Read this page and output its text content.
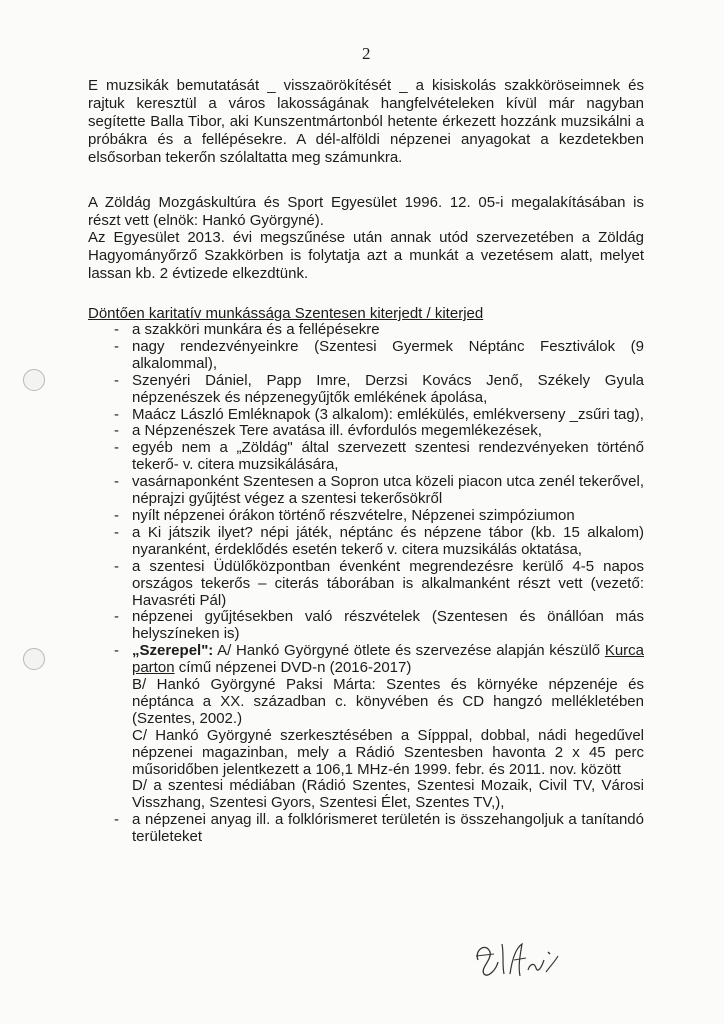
2
E muzsikák bemutatását _ visszaörökítését _ a kisiskolás szakköröseimnek és rajtuk keresztül a város lakosságának hangfelvételeken kívül már nagyban segítette Balla Tibor, aki Kunszentmártonból hetente érkezett hozzánk muzsikálni a próbákra és a fellépésekre. A dél-alföldi népzenei anyagokat a kezdetekben elsősorban tekerőn szólaltatta meg számunkra.
A Zöldág Mozgáskultúra és Sport Egyesület 1996. 12. 05-i megalakításában is részt vett (elnök: Hankó Györgyné).
Az Egyesület 2013. évi megszűnése után annak utód szervezetében a Zöldág Hagyományőrző Szakkörben is folytatja azt a munkát a vezetésem alatt, melyet lassan kb. 2 évtizede elkezdtünk.
Döntően karitatív munkássága Szentesen kiterjedt / kiterjed
- a szakköri munkára és a fellépésekre
- nagy rendezvényeinkre (Szentesi Gyermek Néptánc Fesztiválok (9 alkalommal),
- Szenyéri Dániel, Papp Imre, Derzsi Kovács Jenő, Székely Gyula népzenészek és népzenegyűjtők emlékének ápolása,
- Maácz László Emléknapok (3 alkalom): emlékülés, emlékverseny _zsűri tag),
- a Népzenészek Tere avatása ill. évfordulós megemlékezések,
- egyéb nem a „Zöldág" által szervezett szentesi rendezvényeken történő tekerő- v. citera muzsikálására,
- vasárnaponként Szentesen a Sopron utca közeli piacon utca zenél tekerővel, néprajzi gyűjtést végez a szentesi tekerősökről
- nyílt népzenei órákon történő részvételre, Népzenei szimpóziumon
- a Ki játszik ilyet? népi játék, néptánc és népzene tábor (kb. 15 alkalom) nyaranként, érdeklődés esetén tekerő v. citera muzsikálás oktatása,
- a szentesi Üdülőközpontban évenként megrendezésre kerülő 4-5 napos országos tekerős – citerás táborában is alkalmanként részt vett (vezető: Havasréti Pál)
- népzenei gyűjtésekben való részvételek (Szentesen és önállóan más helyszíneken is)
- „Szerepel": A/ Hankó Györgyné ötlete és szervezése alapján készülő Kurca parton című népzenei DVD-n (2016-2017)
B/ Hankó Györgyné Paksi Márta: Szentes és környéke népzenéje és néptánca a XX. században c. könyvében és CD hangzó mellékletében (Szentes, 2002.)
C/ Hankó Györgyné szerkesztésében a Sípppal, dobbal, nádi hegedűvel népzenei magazinban, mely a Rádió Szentesben havonta 2 x 45 perc műsoridőben jelentkezett a 106,1 MHz-én 1999. febr. és 2011. nov. között
D/ a szentesi médiában (Rádió Szentes, Szentesi Mozaik, Civil TV, Városi Visszhang, Szentesi Gyors, Szentesi Élet, Szentes TV,),
- a népzenei anyag ill. a folklórismeret területén is összehangoljuk a tanítandó területeket
